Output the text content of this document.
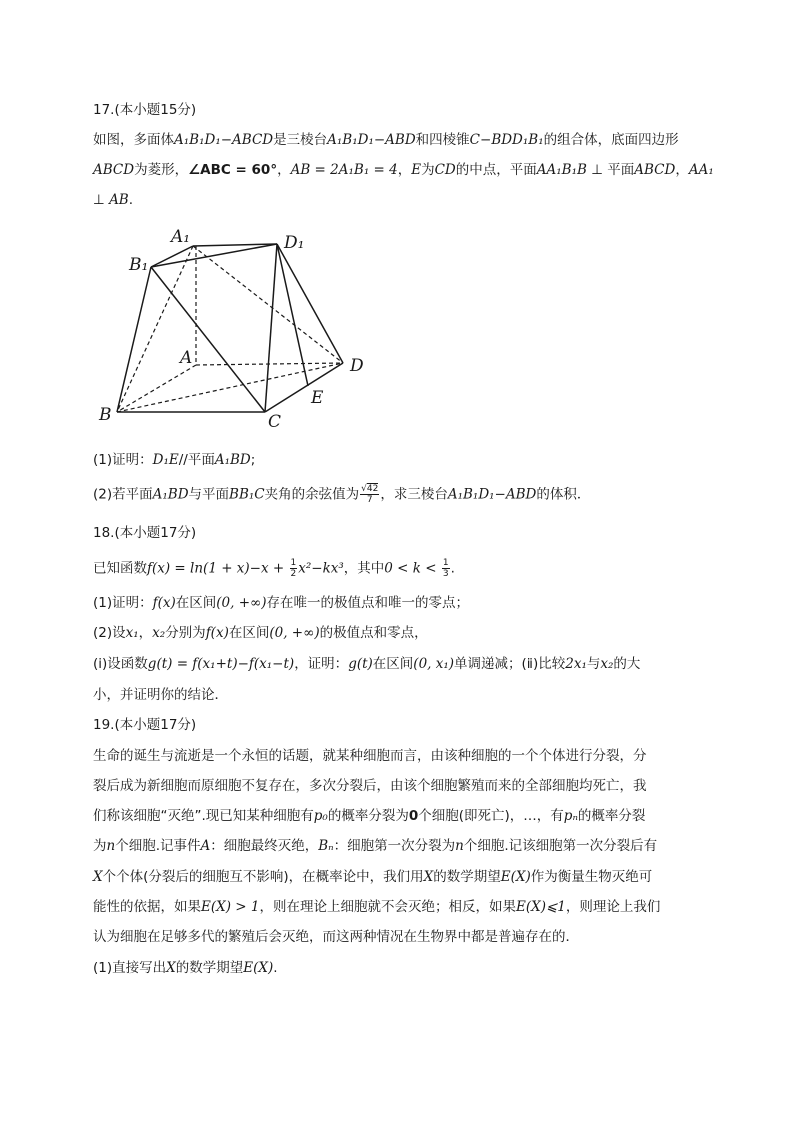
17.(本小题15分)
如图，多面体A₁B₁D₁−ABCD是三棱台A₁B₁D₁−ABD和四棱锥C−BDD₁B₁的组合体，底面四边形
ABCD为菱形，∠ABC = 60°，AB = 2A₁B₁ = 4，E为CD的中点，平面AA₁B₁B ⊥ 平面ABCD，AA₁
⊥ AB.
A₁	D₁
B₁
A	D
B	C
E
(1)证明：D₁E//平面A₁BD;
(2)若平面A₁BD与平面BB₁C夹角的余弦值为 $\frac{√42}{7}$ ，求三棱台A₁B₁D₁−ABD的体积．
18.(本小题17分)
已知函数$f(x) = \ln(1 + x)-x + \frac{1}{2} x^2-kx^3$，其中$0 < k < \frac{1}{3}$ .
(1)证明：f(x)在区间(0, +∞)存在唯一的极值点和唯一的零点；
(2)设x₁，x₂分别为f(x)在区间(0, +∞)的极值点和零点，
(ⅰ)设函数g(t) = f(x₁+t)−f(x₁−t)，证明：g(t)在区间(0, x₁)单调递减；(ⅱ)比较2x₁与x₂的大
小，并证明你的结论．
19.(本小题17分)
生命的诞生与流逝是一个永恒的话题，就某种细胞而言，由该种细胞的一个个体进行分裂，分
裂后成为新细胞而原细胞不复存在，多次分裂后，由该个细胞繁殖而来的全部细胞均死亡，我
们称该细胞“灭绝”.现已知某种细胞有p₀的概率分裂为0个细胞(即死亡)，…，有pₙ的概率分裂
为n个细胞.记事件A：细胞最终灭绝，Bₙ：细胞第一次分裂为n个细胞.记该细胞第一次分裂后有
X个个体(分裂后的细胞互不影响)，在概率论中，我们用X的数学期望E(X)作为衡量生物灭绝可
能性的依据，如果E(X) > 1，则在理论上细胞就不会灭绝；相反，如果E(X)⩽1，则理论上我们
认为细胞在足够多代的繁殖后会灭绝，而这两种情况在生物界中都是普遍存在的．
(1)直接写出X的数学期望E(X).
